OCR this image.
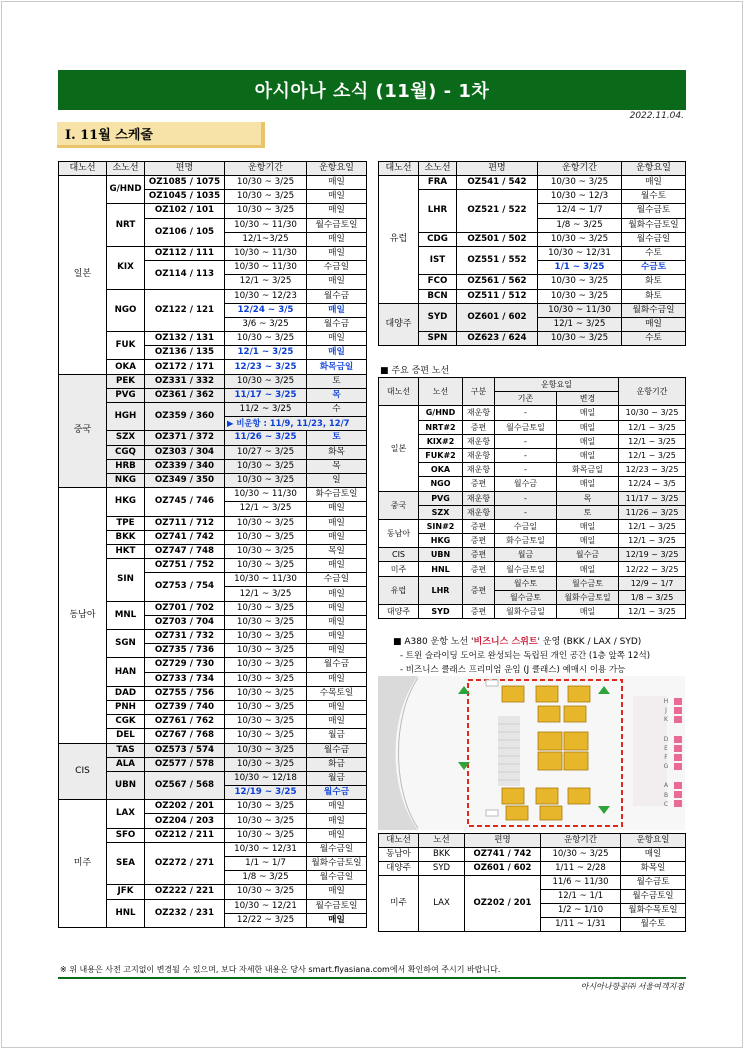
아시아나 소식 (11월) - 1차
2022.11.04.
Ⅰ. 11월 스케줄
대노선	소노선	편명	운항기간	운항요일
일본	G/HND	OZ1085 / 1075	10/30 ~ 3/25	매일
		OZ1045 / 1035	10/30 ~ 3/25	매일
	NRT	OZ102 / 101	10/30 ~ 3/25	매일
		OZ106 / 105	10/30 ~ 11/30	월수금토일
			12/1~3/25	매일
	KIX	OZ112 / 111	10/30 ~ 11/30	매일
		OZ114 / 113	10/30 ~ 11/30	수금일
			12/1 ~ 3/25	매일
	NGO	OZ122 / 121	10/30 ~ 12/23	월수금
			12/24 ~ 3/5	매일
			3/6 ~ 3/25	월수금
	FUK	OZ132 / 131	10/30 ~ 3/25	매일
		OZ136 / 135	12/1 ~ 3/25	매일
	OKA	OZ172 / 171	12/23 ~ 3/25	화목금일
중국	PEK	OZ331 / 332	10/30 ~ 3/25	토
	PVG	OZ361 / 362	11/17 ~ 3/25	목
	HGH	OZ359 / 360	11/2 ~ 3/25	수
			▶ 비운항 : 11/9, 11/23, 12/7	
	SZX	OZ371 / 372	11/26 ~ 3/25	토
	CGQ	OZ303 / 304	10/27 ~ 3/25	화목
	HRB	OZ339 / 340	10/30 ~ 3/25	목
	NKG	OZ349 / 350	10/30 ~ 3/25	일
동남아	HKG	OZ745 / 746	10/30 ~ 11/30	화수금토일
			12/1 ~ 3/25	매일
	TPE	OZ711 / 712	10/30 ~ 3/25	매일
	BKK	OZ741 / 742	10/30 ~ 3/25	매일
	HKT	OZ747 / 748	10/30 ~ 3/25	목일
	SIN	OZ751 / 752	10/30 ~ 3/25	매일
		OZ753 / 754	10/30 ~ 11/30	수금일
			12/1 ~ 3/25	매일
	MNL	OZ701 / 702	10/30 ~ 3/25	매일
		OZ703 / 704	10/30 ~ 3/25	매일
	SGN	OZ731 / 732	10/30 ~ 3/25	매일
		OZ735 / 736	10/30 ~ 3/25	매일
	HAN	OZ729 / 730	10/30 ~ 3/25	월수금
		OZ733 / 734	10/30 ~ 3/25	매일
	DAD	OZ755 / 756	10/30 ~ 3/25	수목토일
	PNH	OZ739 / 740	10/30 ~ 3/25	매일
	CGK	OZ761 / 762	10/30 ~ 3/25	매일
	DEL	OZ767 / 768	10/30 ~ 3/25	월금
CIS	TAS	OZ573 / 574	10/30 ~ 3/25	월수금
	ALA	OZ577 / 578	10/30 ~ 3/25	화금
	UBN	OZ567 / 568	10/30 ~ 12/18	월금
			12/19 ~ 3/25	월수금
미주	LAX	OZ202 / 201	10/30 ~ 3/25	매일
		OZ204 / 203	10/30 ~ 3/25	매일
	SFO	OZ212 / 211	10/30 ~ 3/25	매일
	SEA	OZ272 / 271	10/30 ~ 12/31	월수금일
			1/1 ~ 1/7	월화수금토일
			1/8 ~ 3/25	월수금일
	JFK	OZ222 / 221	10/30 ~ 3/25	매일
	HNL	OZ232 / 231	10/30 ~ 12/21	월수금토일
			12/22 ~ 3/25	매일
대노선	소노선	편명	운항기간	운항요일
유럽	FRA	OZ541 / 542	10/30 ~ 3/25	매일
	LHR	OZ521 / 522	10/30 ~ 12/3	월수토
			12/4 ~ 1/7	월수금토
			1/8 ~ 3/25	월화수금토일
	CDG	OZ501 / 502	10/30 ~ 3/25	월수금일
	IST	OZ551 / 552	10/30 ~ 12/31	수토
			1/1 ~ 3/25	수금토
	FCO	OZ561 / 562	10/30 ~ 3/25	화토
	BCN	OZ511 / 512	10/30 ~ 3/25	화토
대양주	SYD	OZ601 / 602	10/30 ~ 11/30	월화수금일
			12/1 ~ 3/25	매일
	SPN	OZ623 / 624	10/30 ~ 3/25	수토
■ 주요 증편 노선
대노선	노선	구분	운항요일		운항기간
			기존	변경	
일본	G/HND	재운항	-	매일	10/30 ~ 3/25
	NRT#2	증편	월수금토일	매일	12/1 ~ 3/25
	KIX#2	재운항	-	매일	12/1 ~ 3/25
	FUK#2	재운항	-	매일	12/1 ~ 3/25
	OKA	재운항	-	화목금일	12/23 ~ 3/25
	NGO	증편	월수금	매일	12/24 ~ 3/5
중국	PVG	재운항	-	목	11/17 ~ 3/25
	SZX	재운항	-	토	11/26 ~ 3/25
동남아	SIN#2	증편	수금일	매일	12/1 ~ 3/25
	HKG	증편	화수금토일	매일	12/1 ~ 3/25
CIS	UBN	증편	월금	월수금	12/19 ~ 3/25
미주	HNL	증편	월수금토일	매일	12/22 ~ 3/25
유럽	LHR	증편	월수토	월수금토	12/9 ~ 1/7
			월수금토	월화수금토일	1/8 ~ 3/25
대양주	SYD	증편	월화수금일	매일	12/1 ~ 3/25
■ A380 운항 노선 '비즈니스 스위트' 운영 (BKK / LAX / SYD)
- 트윈 슬라이딩 도어로 완성되는 독립된 개인 공간 (1층 앞쪽 12석)
- 비즈니스 클래스 프리미엄 운임 (J 클래스) 예매시 이용 가능
H
J
K
D
E
F
G
A
B
C
대노선	노선	편명	운항기간	운항요일
동남아	BKK	OZ741 / 742	10/30 ~ 3/25	매일
대양주	SYD	OZ601 / 602	1/11 ~ 2/28	화목일
미주	LAX	OZ202 / 201	11/6 ~ 11/30	월수금토
			12/1 ~ 1/1	월수금토일
			1/2 ~ 1/10	월화수목토일
			1/11 ~ 1/31	월수토
※ 위 내용은 사전 고지없이 변경될 수 있으며, 보다 자세한 내용은 당사 smart.flyasiana.com에서 확인하여 주시기 바랍니다.
아시아나항공㈜ 서울여객지점
